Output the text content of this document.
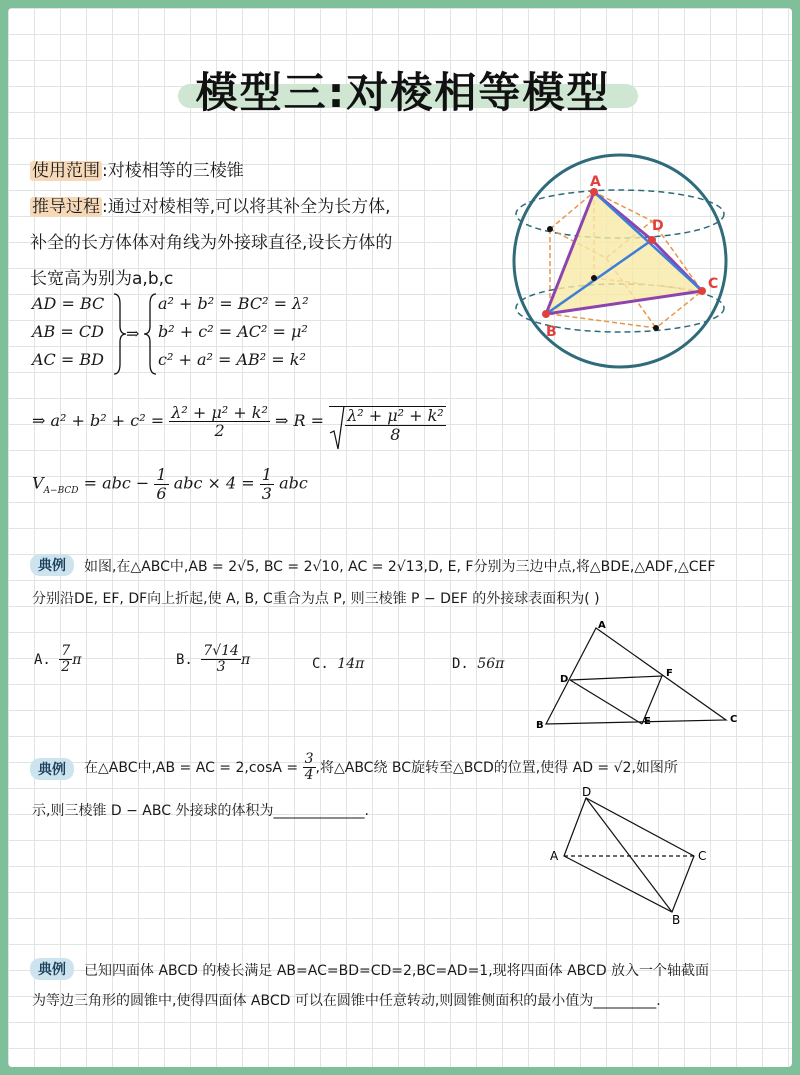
模型三:对棱相等模型
使用范围 :对棱相等的三棱锥
推导过程 :通过对棱相等,可以将其补全为长方体,
补全的长方体体对角线为外接球直径,设长方体的
长宽高为别为a,b,c
AD = BC
AB = CD
AC = BD
⇒
a² + b² = BC² = λ²
b² + c² = AC² = μ²
c² + a² = AB² = k²
⇒ $a^2 + b^2 + c^2 = \frac{\text{λ² + μ² + k²}}{2}$ ⇒ $R = \frac{\text{λ² + μ² + k²}}{8}$
$V_{A-BCD}$ = abc − $\frac{1}{6}$ abc × $4 = \frac{1}{3}$ abc
A
B
C
D
典例	如图,在△ABC中,AB = 2√5, BC = 2√10, AC = 2√13,D, E, F分别为三边中点,将△BDE,△ADF,△CEF
分别沿DE, EF, DF向上折起,使 A, B, C重合为点 P, 则三棱锥 P − DEF 的外接球表面积为( )
A. $\frac{7}{2}$ π	B. $\frac{7√14}{3}$ π	C. 14π	D. 56π
A
B
C
D
E
F
典例	在△ABC中,AB = AC = $2,\cos A = \frac{3}{4}$ ,将△ABC绕 BC旋转至△BCD的位置,使得 AD = √2,如图所
示,则三棱锥 D − ABC 外接球的体积为_____________.
D
A	C
B
典例	已知四面体 ABCD 的棱长满足 AB=AC=BD=CD=2,BC=AD=1,现将四面体 ABCD 放入一个轴截面
为等边三角形的圆锥中,使得四面体 ABCD 可以在圆锥中任意转动,则圆锥侧面积的最小值为_________.
